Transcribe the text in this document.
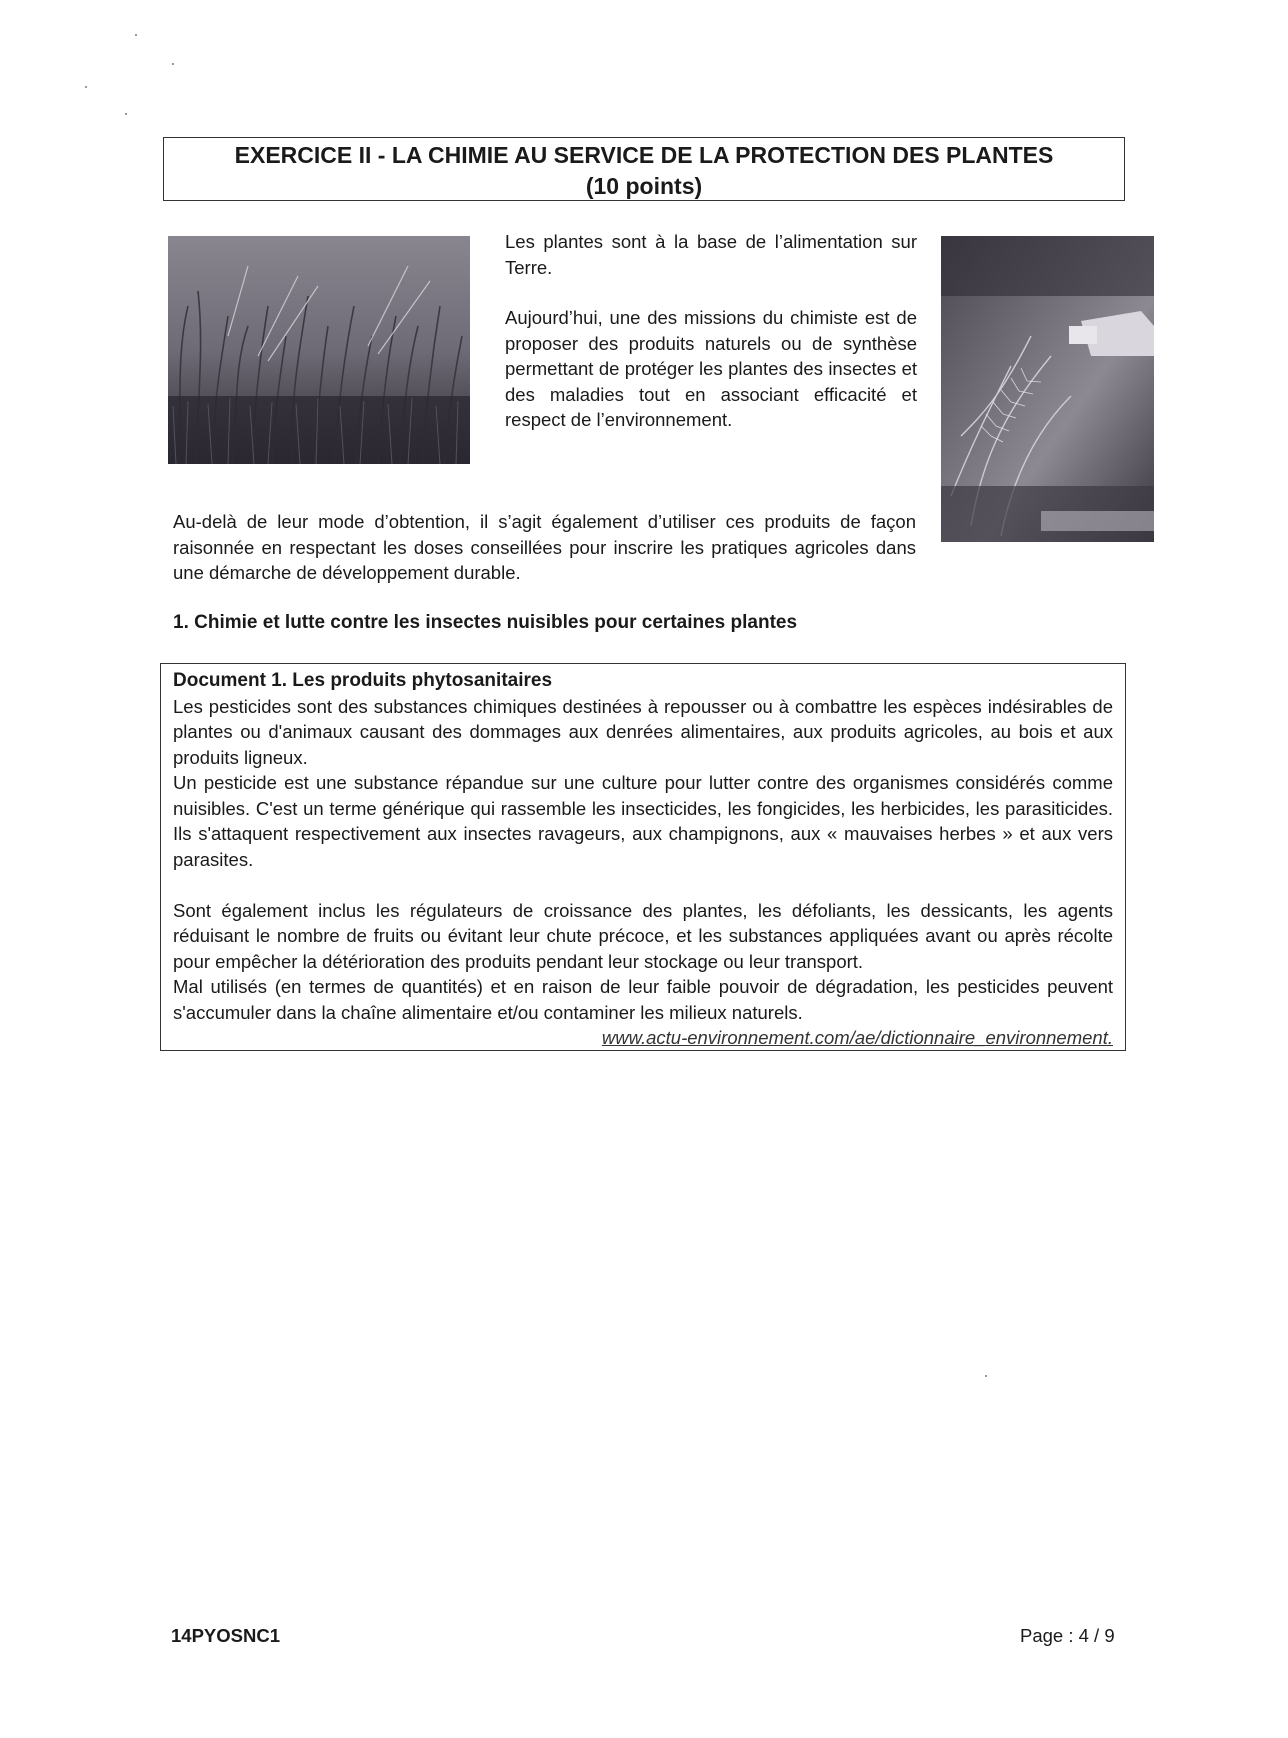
EXERCICE II - LA CHIMIE AU SERVICE DE LA PROTECTION DES PLANTES
(10 points)

Les plantes sont à la base de l’alimentation sur Terre.

Aujourd’hui, une des missions du chimiste est de proposer des produits naturels ou de synthèse permettant de protéger les plantes des insectes et des maladies tout en associant efficacité et respect de l’environnement.

Au-delà de leur mode d’obtention, il s’agit également d’utiliser ces produits de façon raisonnée en respectant les doses conseillées pour inscrire les pratiques agricoles dans une démarche de développement durable.

1. Chimie et lutte contre les insectes nuisibles pour certaines plantes
Document 1. Les produits phytosanitaires

Les pesticides sont des substances chimiques destinées à repousser ou à combattre les espèces indésirables de plantes ou d'animaux causant des dommages aux denrées alimentaires, aux produits agricoles, au bois et aux produits ligneux.

Un pesticide est une substance répandue sur une culture pour lutter contre des organismes considérés comme nuisibles. C'est un terme générique qui rassemble les insecticides, les fongicides, les herbicides, les parasiticides. Ils s'attaquent respectivement aux insectes ravageurs, aux champignons, aux « mauvaises herbes » et aux vers parasites.

Sont également inclus les régulateurs de croissance des plantes, les défoliants, les dessicants, les agents réduisant le nombre de fruits ou évitant leur chute précoce, et les substances appliquées avant ou après récolte pour empêcher la détérioration des produits pendant leur stockage ou leur transport.

Mal utilisés (en termes de quantités) et en raison de leur faible pouvoir de dégradation, les pesticides peuvent s'accumuler dans la chaîne alimentaire et/ou contaminer les milieux naturels.

www.actu-environnement.com/ae/dictionnaire_environnement.
14PYOSNC1	Page : 4 / 9
